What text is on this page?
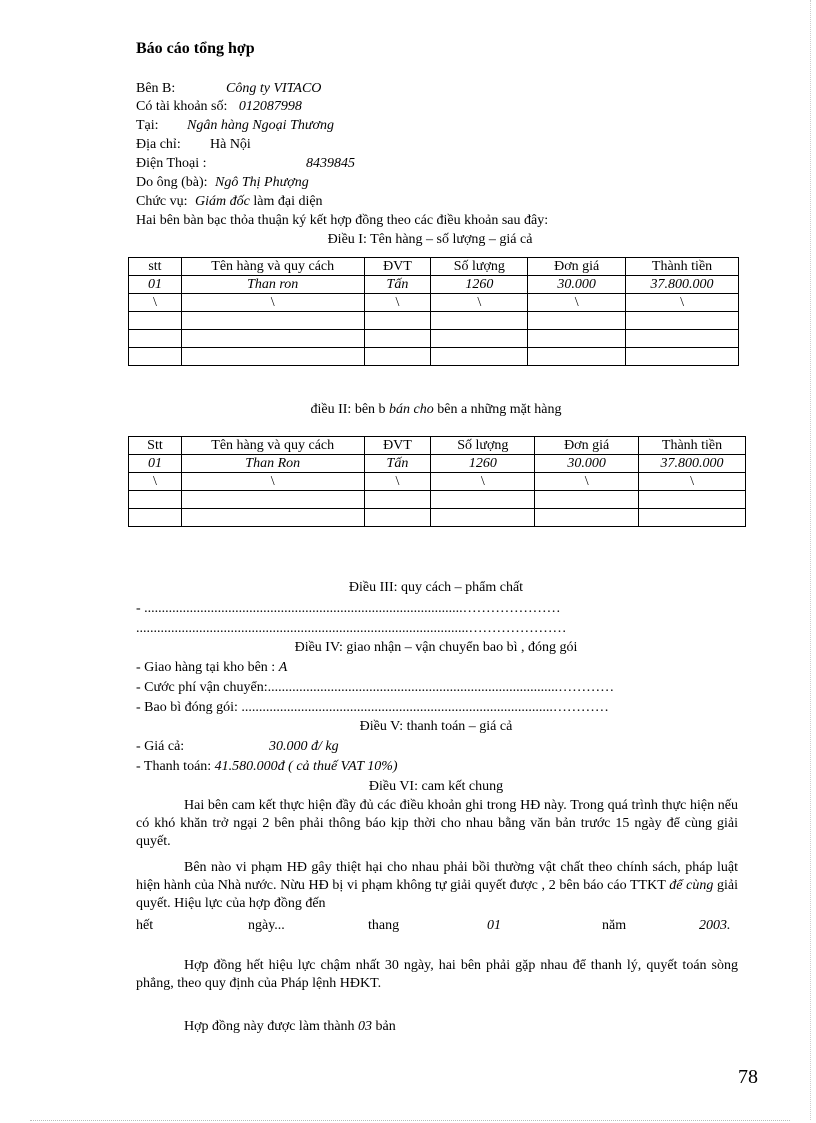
Báo cáo tổng hợp
Bên B:	Công ty VITACO
Có tài khoản số: 012087998
Tại: Ngân hàng Ngoại Thương
Địa chỉ: Hà Nội
Điện Thoại :	8439845
Do ông (bà): Ngô Thị Phượng
Chức vụ: Giám đốc làm đại diện
Hai bên bàn bạc thỏa thuận ký kết hợp đồng theo các điều khoản sau đây:
Điều I: Tên hàng – số lượng – giá cả
stt	Tên hàng và quy cách	ĐVT	Số lượng	Đơn giá	Thành tiền
01	Than ron	Tấn	1260	30.000	37.800.000
\	\	\	\	\	\

điều II: bên b bán cho bên a những mặt hàng
Stt	Tên hàng và quy cách	ĐVT	Số lượng	Đơn giá	Thành tiền
01	Than Ron	Tấn	1260	30.000	37.800.000
\	\	\	\	\	\

Điều III: quy cách – phẩm chất
- ...........................................................................................…………………
...............................................................................................…………………
Điều IV: giao nhận – vận chuyển bao bì , đóng gói
- Giao hàng tại kho bên : A
- Cước phí vận chuyển:...................................................................................…………
- Bao bì đóng gói: .........................................................................................…………
Điều V: thanh toán – giá cả
- Giá cả:	30.000 đ/ kg
- Thanh toán: 41.580.000đ ( cả thuế VAT 10%)
Điều VI: cam kết chung
Hai bên cam kết thực hiện đầy đủ các điều khoản ghi trong HĐ này. Trong quá trình thực hiện nếu có khó khăn trở ngại 2 bên phải thông báo kịp thời cho nhau bằng văn bản trước 15 ngày để cùng giải quyết.
Bên nào vi phạm HĐ gây thiệt hại cho nhau phải bồi thường vật chất theo chính sách, pháp luật hiện hành của Nhà nước. Nừu HĐ bị vi phạm không tự giải quyết được , 2 bên báo cáo TTKT để cùng giải quyết. Hiệu lực của hợp đồng đến
hết	ngày...	thang	01	năm	2003.
Hợp đồng hết hiệu lực chậm nhất 30 ngày, hai bên phải gặp nhau để thanh lý, quyết toán sòng phẳng, theo quy định của Pháp lệnh HĐKT.
Hợp đồng này được làm thành 03 bản
78
